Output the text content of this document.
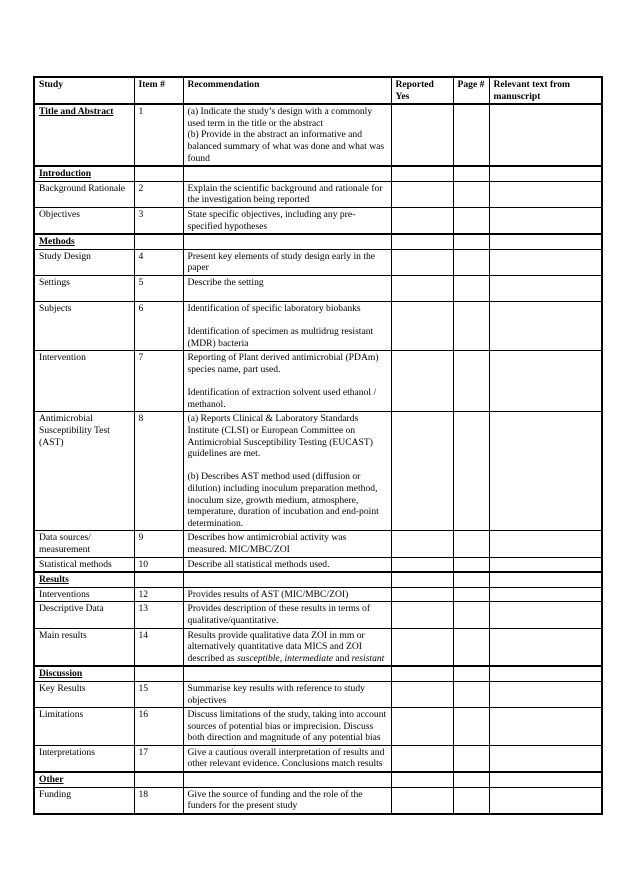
Study	Item #	Recommendation	Reported Yes	Page #	Relevant text from manuscript
Title and Abstract	1	(a) Indicate the study’s design with a commonly used term in the title or the abstract
(b) Provide in the abstract an informative and balanced summary of what was done and what was found			

Introduction					
Background Rationale	2	Explain the scientific background and rationale for the investigation being reported			

Objectives	3	State specific objectives, including any pre-specified hypotheses			

Methods					
Study Design	4	Present key elements of study design early in the paper			

Settings	5	Describe the setting			

Subjects	6	Identification of specific laboratory biobanks
Identification of specimen as multidrug resistant (MDR) bacteria			

Intervention	7	Reporting of Plant derived antimicrobial (PDAm) species name, part used.
Identification of extraction solvent used ethanol / methanol.			

Antimicrobial Susceptibility Test (AST)	8	(a) Reports Clinical & Laboratory Standards Institute (CLSI) or European Committee on Antimicrobial Susceptibility Testing (EUCAST) guidelines are met.
(b) Describes AST method used (diffusion or dilution) including inoculum preparation method, inoculum size, growth medium, atmosphere, temperature, duration of incubation and end-point determination.			

Data sources/ measurement	9	Describes how antimicrobial activity was measured. MIC/MBC/ZOI			

Statistical methods	10	Describe all statistical methods used.			

Results					
Interventions	12	Provides results of AST (MIC/MBC/ZOI)			

Descriptive Data	13	Provides description of these results in terms of qualitative/quantitative.			

Main results	14	Results provide qualitative data ZOI in mm or alternatively quantitative data MICS and ZOI described as susceptible, intermediate and resistant			

Discussion					
Key Results	15	Summarise key results with reference to study objectives			

Limitations	16	Discuss limitations of the study, taking into account sources of potential bias or imprecision. Discuss both direction and magnitude of any potential bias			

Interpretations	17	Give a cautious overall interpretation of results and other relevant evidence. Conclusions match results			

Other					
Funding	18	Give the source of funding and the role of the funders for the present study			
